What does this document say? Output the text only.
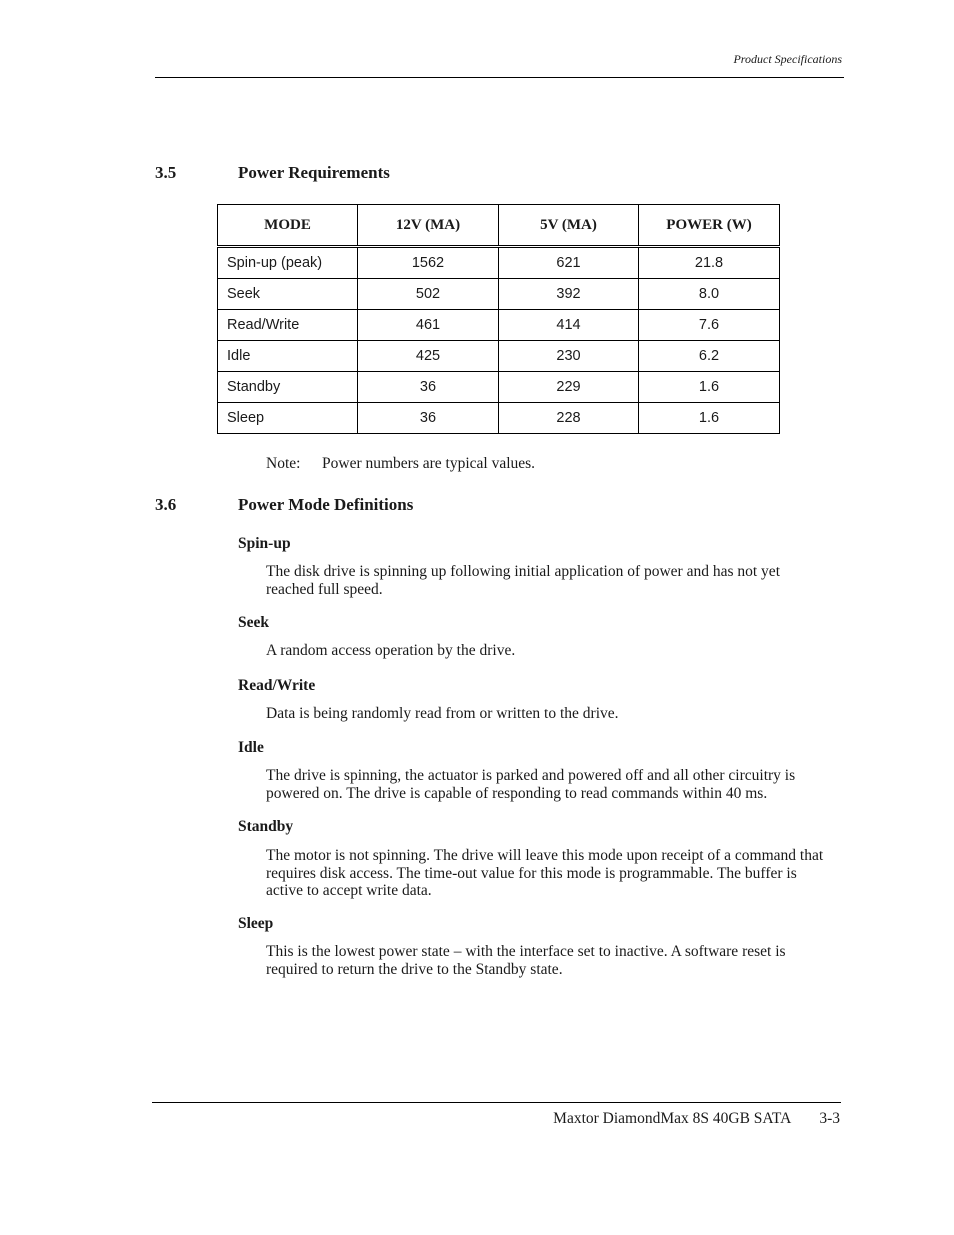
Product Specifications
3.5	Power Requirements
MODE	12V (MA)	5V (MA)	POWER (W)
Spin-up (peak)	1562	621	21.8
Seek	502	392	8.0
Read/Write	461	414	7.6
Idle	425	230	6.2
Standby	36	229	1.6
Sleep	36	228	1.6
Note: Power numbers are typical values.
3.6	Power Mode Definitions
Spin-up
The disk drive is spinning up following initial application of power and has not yet reached full speed.
Seek
A random access operation by the drive.
Read/Write
Data is being randomly read from or written to the drive.
Idle
The drive is spinning, the actuator is parked and powered off and all other circuitry is powered on. The drive is capable of responding to read commands within 40 ms.
Standby
The motor is not spinning. The drive will leave this mode upon receipt of a command that requires disk access. The time-out value for this mode is programmable. The buffer is active to accept write data.
Sleep
This is the lowest power state – with the interface set to inactive. A software reset is required to return the drive to the Standby state.
Maxtor DiamondMax 8S 40GB SATA 3-3
